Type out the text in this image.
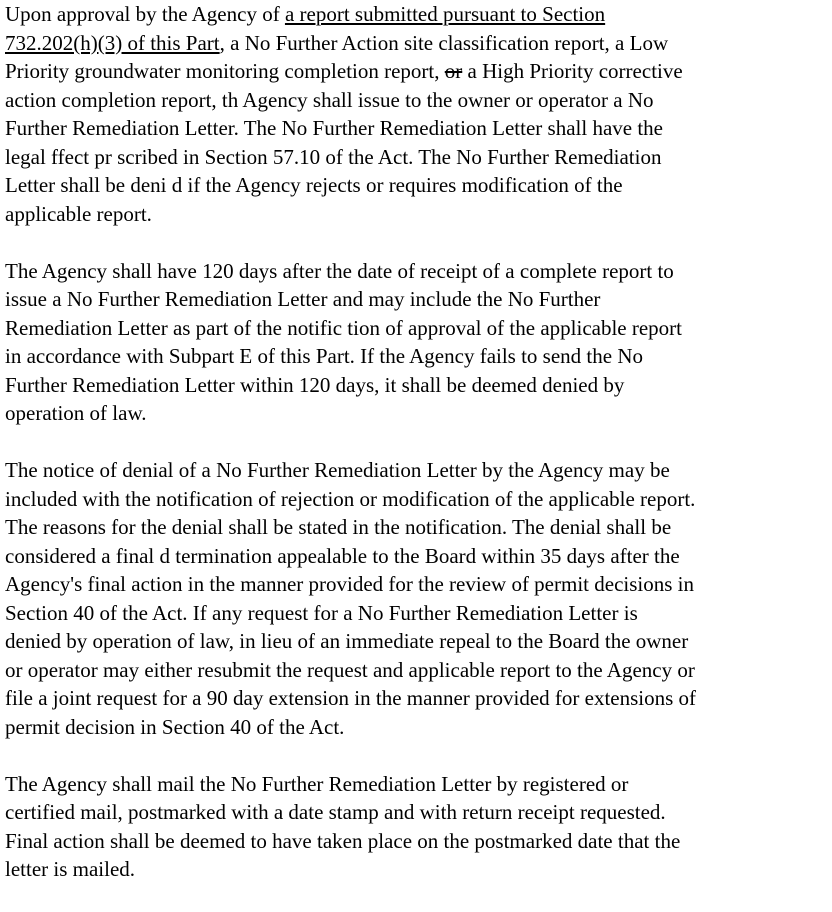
Upon approval by the Agency of a report submitted pursuant to Section
732.202(h)(3) of this Part, a No Further Action site classification report, a Low
Priority groundwater monitoring completion report, or a High Priority corrective
action completion report, th Agency shall issue to the owner or operator a No
Further Remediation Letter. The No Further Remediation Letter shall have the
legal ffect pr scribed in Section 57.10 of the Act. The No Further Remediation
Letter shall be deni d if the Agency rejects or requires modification of the
applicable report.
The Agency shall have 120 days after the date of receipt of a complete report to
issue a No Further Remediation Letter and may include the No Further
Remediation Letter as part of the notific tion of approval of the applicable report
in accordance with Subpart E of this Part. If the Agency fails to send the No
Further Remediation Letter within 120 days, it shall be deemed denied by
operation of law.
The notice of denial of a No Further Remediation Letter by the Agency may be
included with the notification of rejection or modification of the applicable report.
The reasons for the denial shall be stated in the notification. The denial shall be
considered a final d termination appealable to the Board within 35 days after the
Agency's final action in the manner provided for the review of permit decisions in
Section 40 of the Act. If any request for a No Further Remediation Letter is
denied by operation of law, in lieu of an immediate repeal to the Board the owner
or operator may either resubmit the request and applicable report to the Agency or
file a joint request for a 90 day extension in the manner provided for extensions of
permit decision in Section 40 of the Act.
The Agency shall mail the No Further Remediation Letter by registered or
certified mail, postmarked with a date stamp and with return receipt requested.
Final action shall be deemed to have taken place on the postmarked date that the
letter is mailed.
